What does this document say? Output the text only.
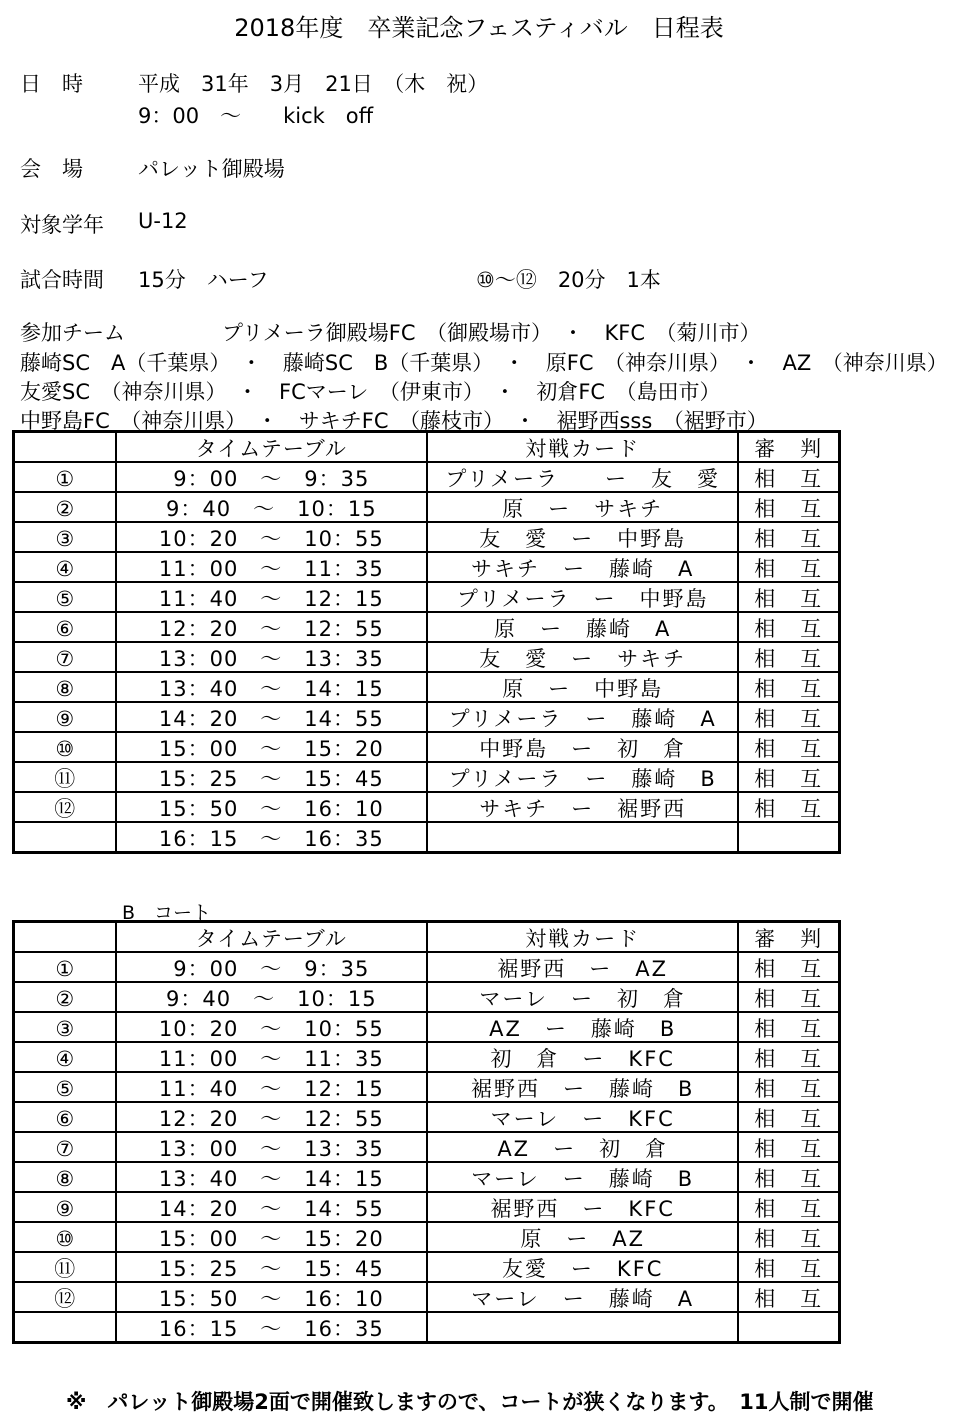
2018年度　卒業記念フェスティバル　日程表
日　時	平成　31年　3月　21日　（木　祝）
9：00　～　　kick　off
会　場	パレット御殿場
対象学年 U-12
試合時間 15分　ハーフ	⑩～⑫　20分　1本
参加チーム	プリメーラ御殿場FC　（御殿場市）　・　KFC　（菊川市）
藤崎SC　A（千葉県）　・　藤崎SC　B（千葉県）　・　原FC　（神奈川県）　・　AZ　（神奈川県）
友愛SC　（神奈川県）　・　FCマーレ　（伊東市）　・　初倉FC　（島田市）
中野島FC　（神奈川県）　・　サキチFC　（藤枝市）　・　裾野西sss　（裾野市）
	タイムテーブル	対戦カード	審　判
①	9：00　～　9：35	プリメーラ　　ー　友　愛	相　互
②	9：40　～　10：15	原　ー　サキチ	相　互
③	10：20　～　10：55	友　愛　ー　中野島	相　互
④	11：00　～　11：35	サキチ　ー　藤崎　A	相　互
⑤	11：40　～　12：15	プリメーラ　ー　中野島	相　互
⑥	12：20　～　12：55	原　ー　藤崎　A	相　互
⑦	13：00　～　13：35	友　愛　ー　サキチ	相　互
⑧	13：40　～　14：15	原　ー　中野島	相　互
⑨	14：20　～　14：55	プリメーラ　ー　藤崎　A	相　互
⑩	15：00　～　15：20	中野島　ー　初　倉	相　互
⑪	15：25　～　15：45	プリメーラ　ー　藤崎　B	相　互
⑫	15：50　～　16：10	サキチ　ー　裾野西	相　互
	16：15　～　16：35		
B　コート
	タイムテーブル	対戦カード	審　判
①	9：00　～　9：35	裾野西　ー　AZ	相　互
②	9：40　～　10：15	マーレ　ー　初　倉	相　互
③	10：20　～　10：55	AZ　ー　藤崎　B	相　互
④	11：00　～　11：35	初　倉　ー　KFC	相　互
⑤	11：40　～　12：15	裾野西　ー　藤崎　B	相　互
⑥	12：20　～　12：55	マーレ　ー　KFC	相　互
⑦	13：00　～　13：35	AZ　ー　初　倉	相　互
⑧	13：40　～　14：15	マーレ　ー　藤崎　B	相　互
⑨	14：20　～　14：55	裾野西　ー　KFC	相　互
⑩	15：00　～　15：20	原　ー　AZ	相　互
⑪	15：25　～　15：45	友愛　ー　KFC	相　互
⑫	15：50　～　16：10	マーレ　ー　藤崎　A	相　互
	16：15　～　16：35		
※　パレット御殿場2面で開催致しますので、コートが狭くなります。　11人制で開催
